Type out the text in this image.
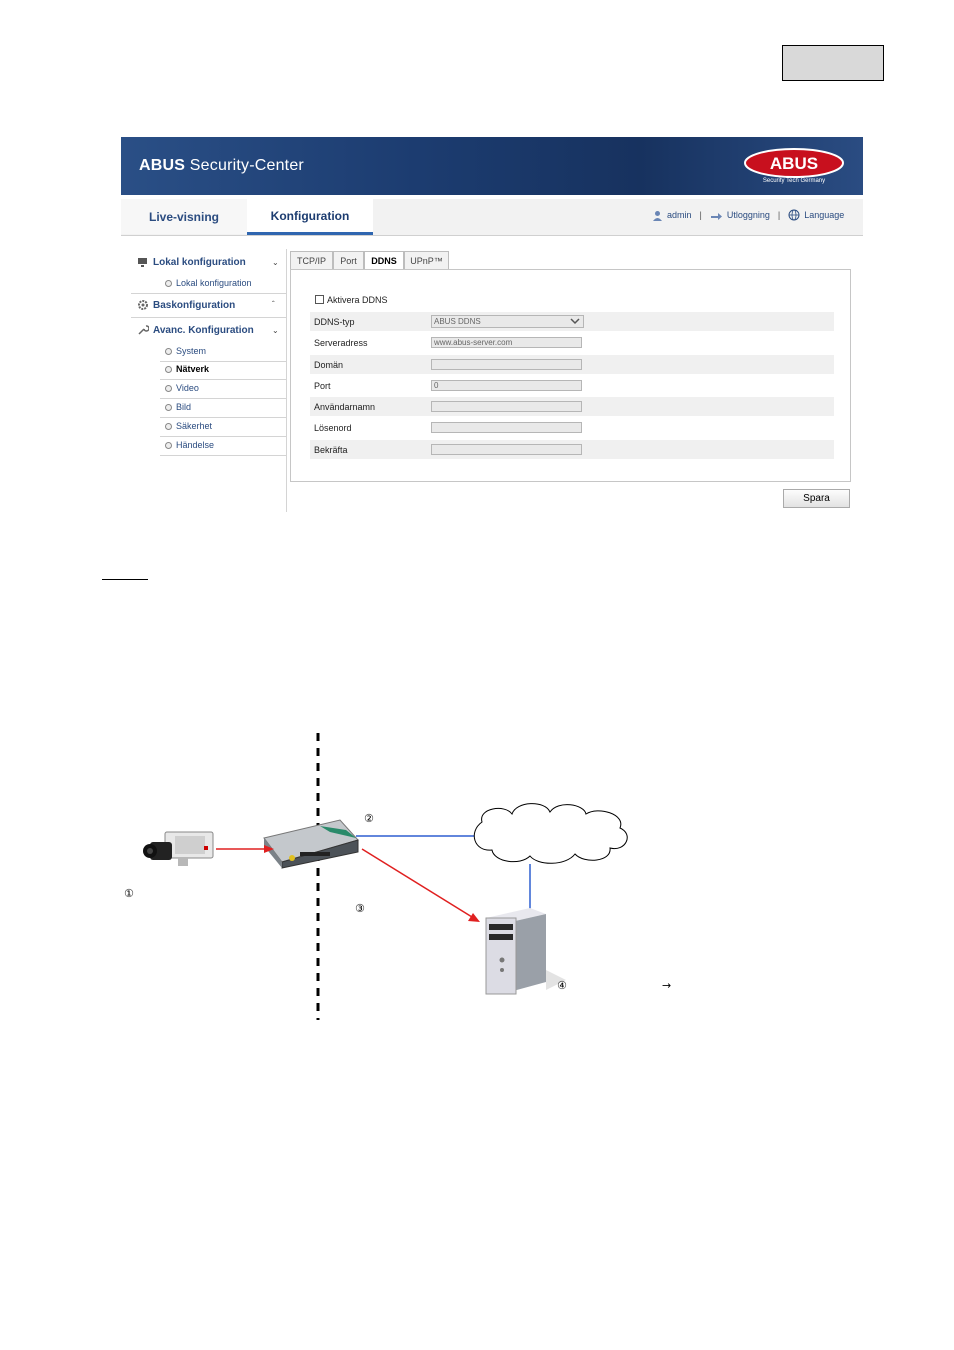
ABUS Security-Center	ABUS
Security Tech Germany
Live-visning	Konfiguration	admin |	Utloggning |	Language
Lokal konfiguration	⌄
Lokal konfiguration
Baskonfiguration	ˆ
Avanc. Konfiguration ⌄
System
Nätverk
Video
Bild
Säkerhet
Händelse
TCP/IP	Port	DDNS	UPnP™
Aktivera DDNS
DDNS-typ	ABUS DDNS
Serveradress	www.abus-server.com
Domän
Port	0
Användarnamn
Lösenord
Bekräfta
Spara
①
②
③
④	→
